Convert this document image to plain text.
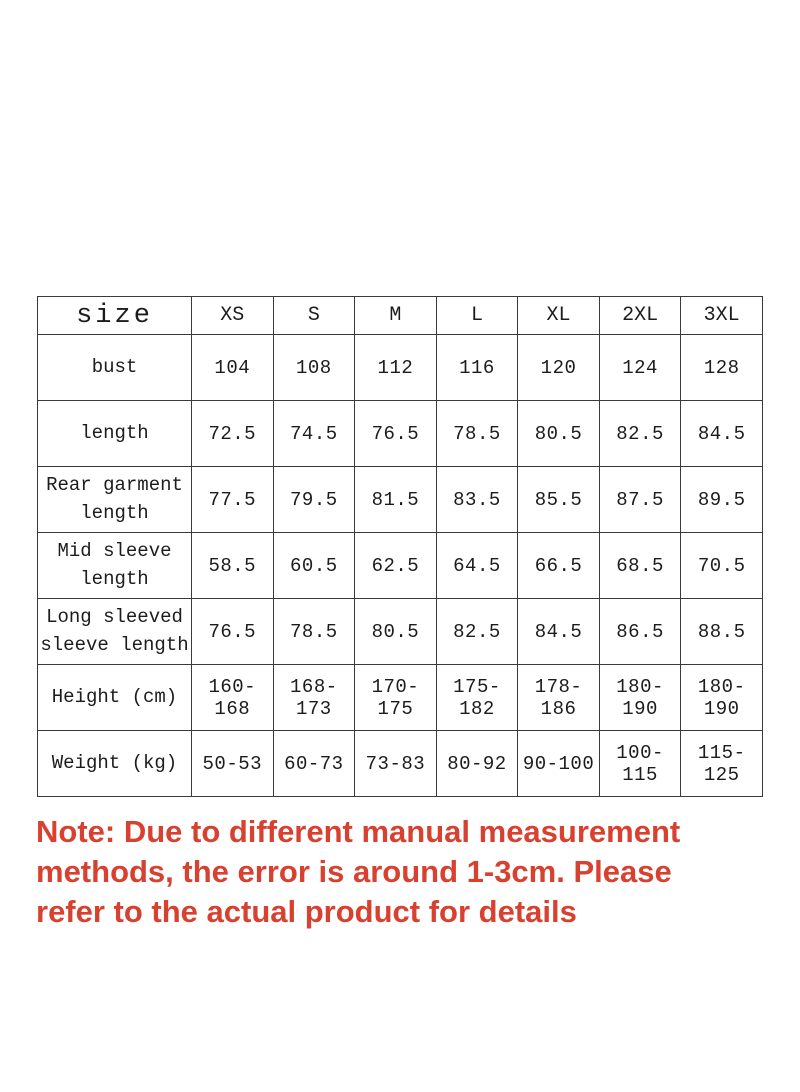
size	XS	S	M	L	XL	2XL	3XL
bust	104	108	112	116	120	124	128
length	72.5	74.5	76.5	78.5	80.5	82.5	84.5
Rear garment length	77.5	79.5	81.5	83.5	85.5	87.5	89.5
Mid sleeve length	58.5	60.5	62.5	64.5	66.5	68.5	70.5
Long sleeved sleeve length	76.5	78.5	80.5	82.5	84.5	86.5	88.5
Height (cm)	160-168	168-173	170-175	175-182	178-186	180-190	180-190
Weight (kg)	50-53	60-73	73-83	80-92	90-100	100-115	115-125
Note: Due to different manual measurement
methods, the error is around 1-3cm. Please
refer to the actual product for details
